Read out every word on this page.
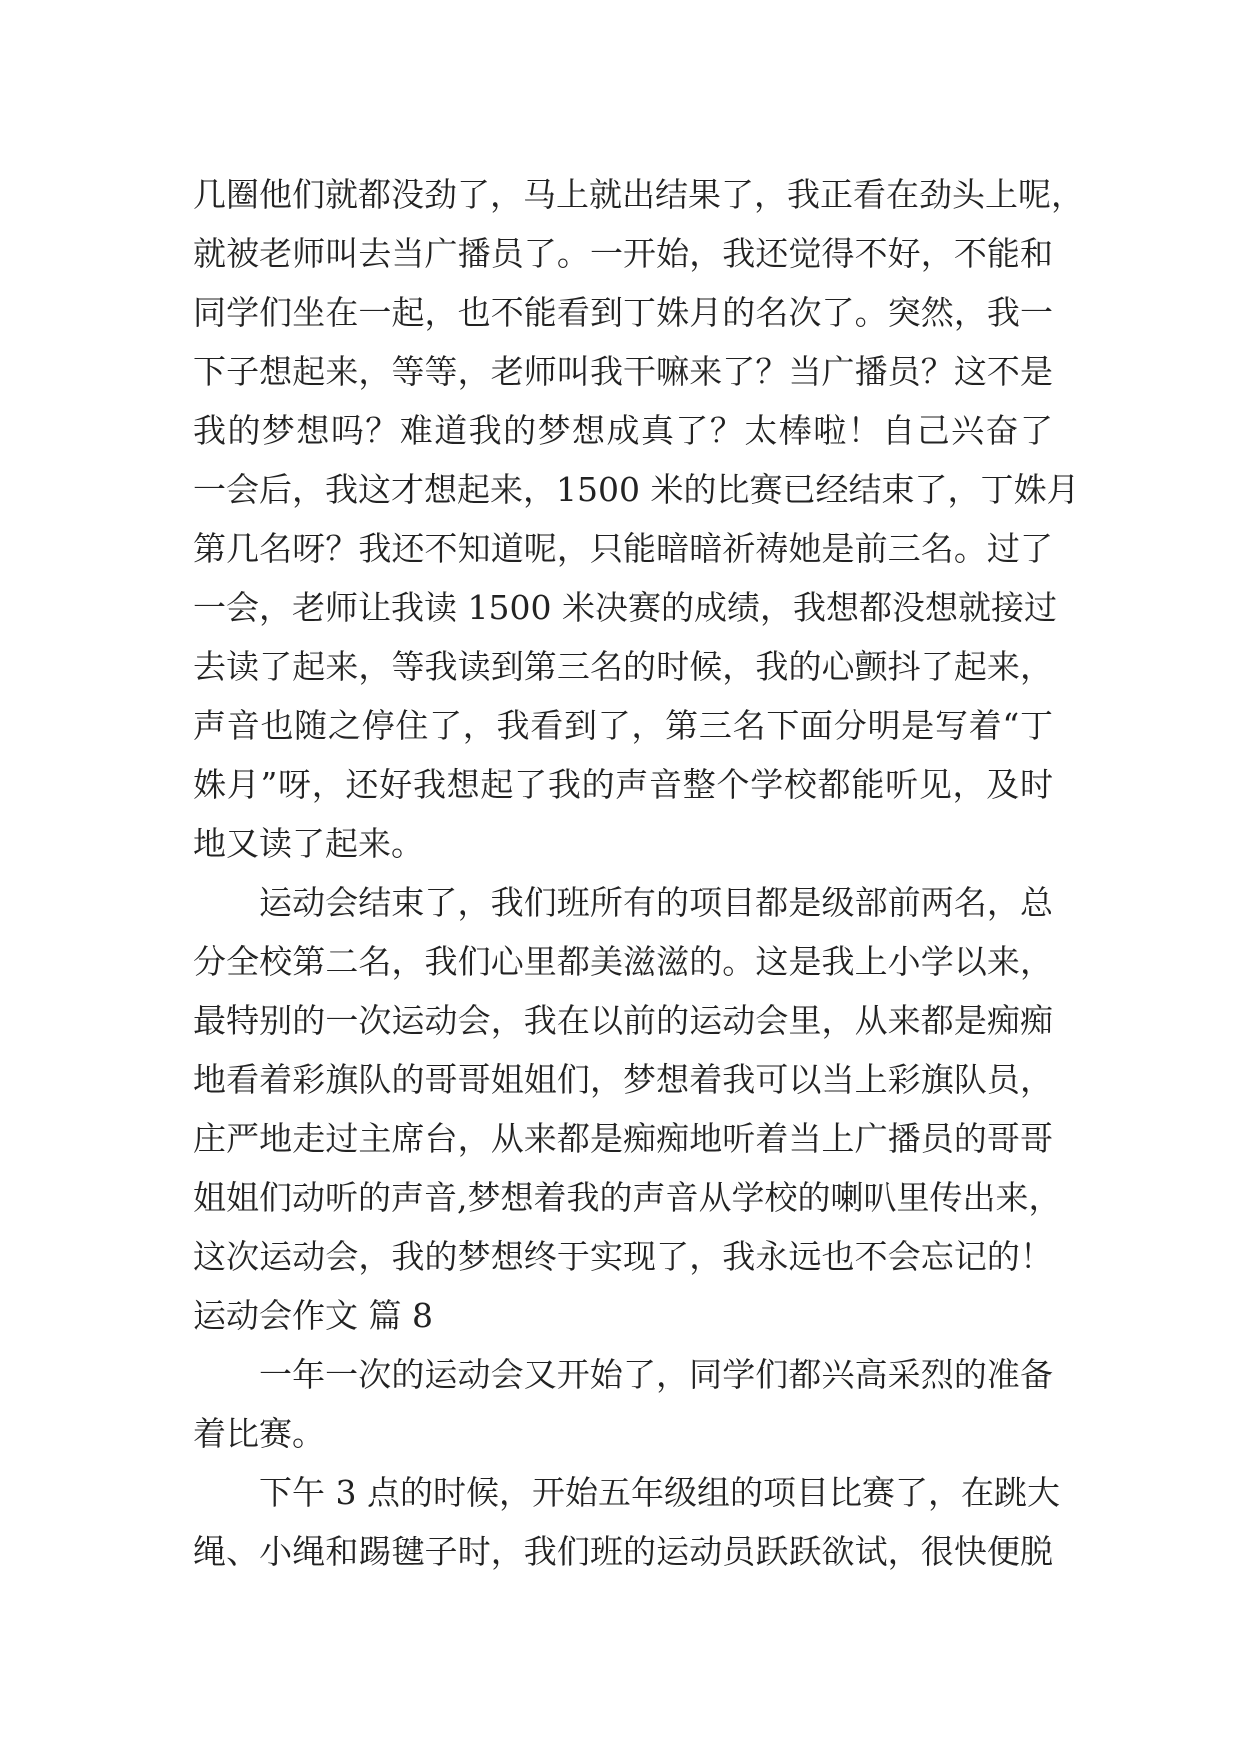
几圈他们就都没劲了，马上就出结果了，我正看在劲头上呢，
就被老师叫去当广播员了。一开始，我还觉得不好，不能和
同学们坐在一起，也不能看到丁姝月的名次了。突然，我一
下子想起来，等等，老师叫我干嘛来了？当广播员？这不是
我的梦想吗？难道我的梦想成真了？太棒啦！自己兴奋了
一会后，我这才想起来，1500 米的比赛已经结束了，丁姝月
第几名呀？我还不知道呢，只能暗暗祈祷她是前三名。过了
一会，老师让我读 1500 米决赛的成绩，我想都没想就接过
去读了起来，等我读到第三名的时候，我的心颤抖了起来，
声音也随之停住了，我看到了，第三名下面分明是写着“丁
姝月”呀，还好我想起了我的声音整个学校都能听见，及时
地又读了起来。
运动会结束了，我们班所有的项目都是级部前两名，总
分全校第二名，我们心里都美滋滋的。这是我上小学以来，
最特别的一次运动会，我在以前的运动会里，从来都是痴痴
地看着彩旗队的哥哥姐姐们，梦想着我可以当上彩旗队员，
庄严地走过主席台，从来都是痴痴地听着当上广播员的哥哥
姐姐们动听的声音,梦想着我的声音从学校的喇叭里传出来，
这次运动会，我的梦想终于实现了，我永远也不会忘记的！
运动会作文 篇 8
一年一次的运动会又开始了，同学们都兴高采烈的准备
着比赛。
下午 3 点的时候，开始五年级组的项目比赛了，在跳大
绳、小绳和踢毽子时，我们班的运动员跃跃欲试，很快便脱
